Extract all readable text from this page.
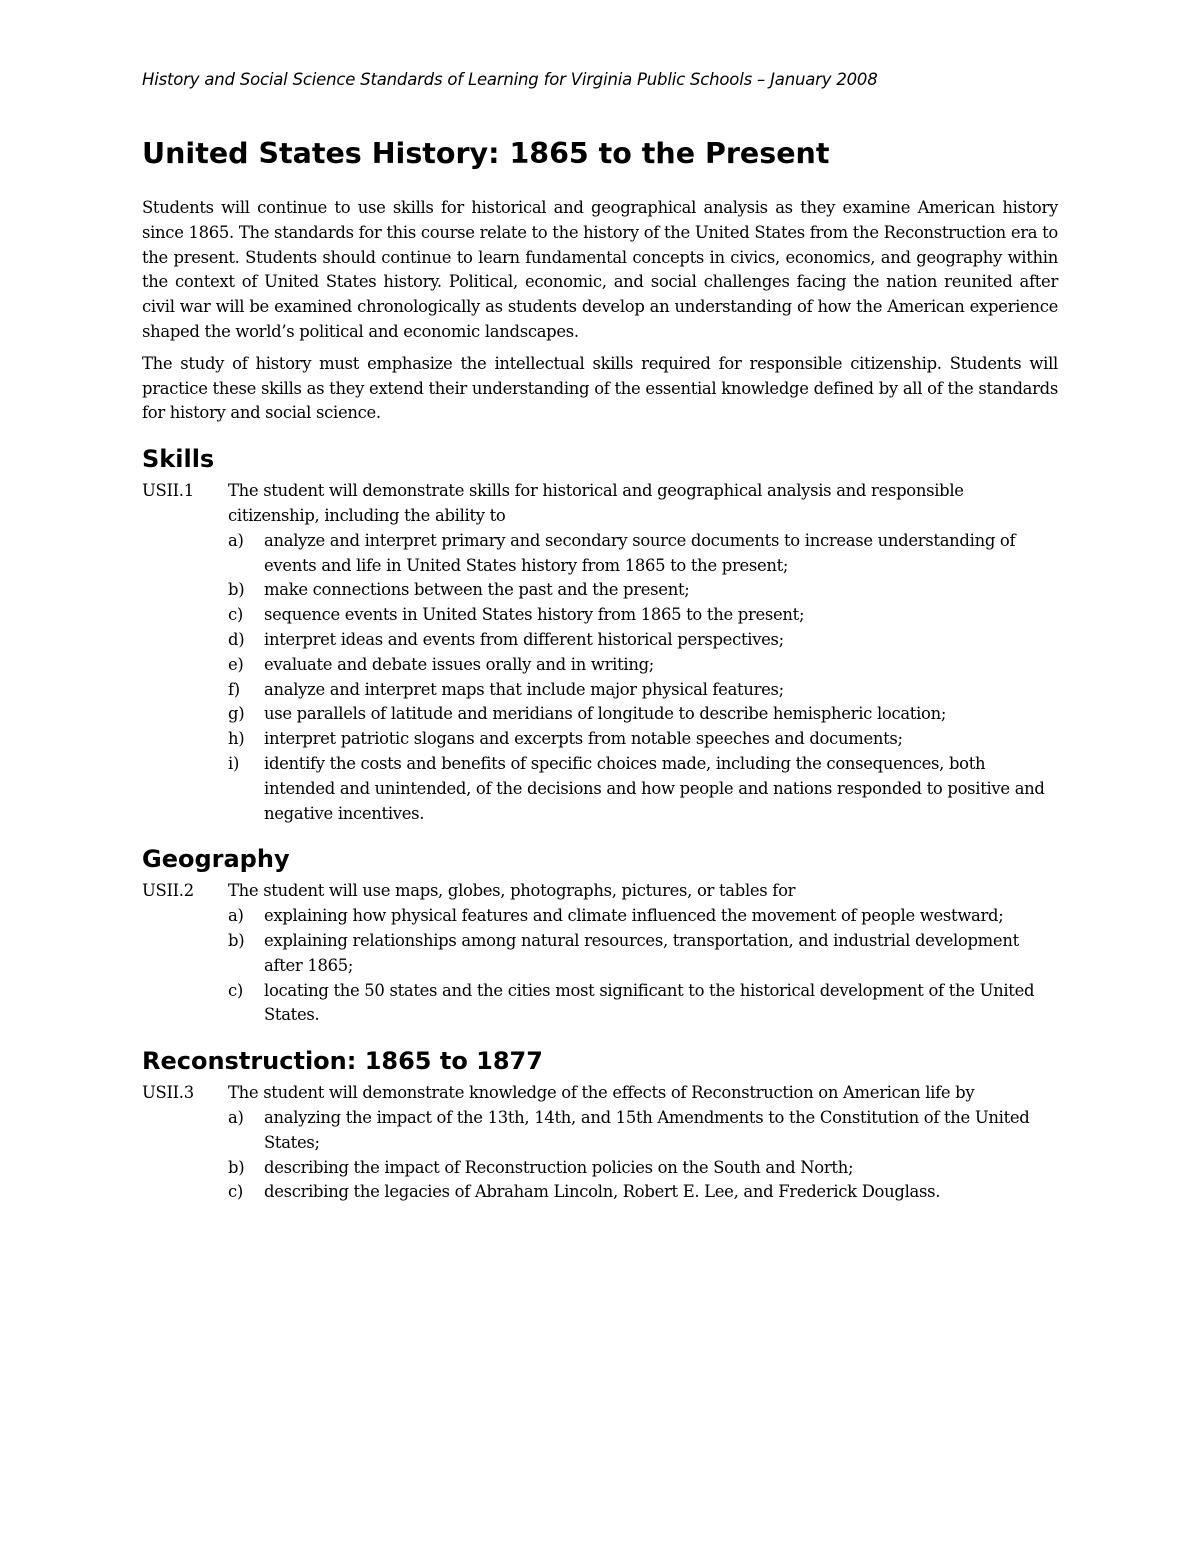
History and Social Science Standards of Learning for Virginia Public Schools – January 2008

United States History: 1865 to the Present

Students will continue to use skills for historical and geographical analysis as they examine American history since 1865. The standards for this course relate to the history of the United States from the Reconstruction era to the present. Students should continue to learn fundamental concepts in civics, economics, and geography within the context of United States history. Political, economic, and social challenges facing the nation reunited after civil war will be examined chronologically as students develop an understanding of how the American experience shaped the world’s political and economic landscapes.

The study of history must emphasize the intellectual skills required for responsible citizenship. Students will practice these skills as they extend their understanding of the essential knowledge defined by all of the standards for history and social science.

Skills
USII.1	The student will demonstrate skills for historical and geographical analysis and responsible citizenship, including the ability to

a)	analyze and interpret primary and secondary source documents to increase understanding of events and life in United States history from 1865 to the present;
b)	make connections between the past and the present;
c)	sequence events in United States history from 1865 to the present;
d)	interpret ideas and events from different historical perspectives;
e)	evaluate and debate issues orally and in writing;
f)	analyze and interpret maps that include major physical features;
g)	use parallels of latitude and meridians of longitude to describe hemispheric location;
h)	interpret patriotic slogans and excerpts from notable speeches and documents;
i)	identify the costs and benefits of specific choices made, including the consequences, both intended and unintended, of the decisions and how people and nations responded to positive and negative incentives.
Geography
USII.2	The student will use maps, globes, photographs, pictures, or tables for

a)	explaining how physical features and climate influenced the movement of people westward;
b)	explaining relationships among natural resources, transportation, and industrial development after 1865;
c)	locating the 50 states and the cities most significant to the historical development of the United States.
Reconstruction: 1865 to 1877
USII.3	The student will demonstrate knowledge of the effects of Reconstruction on American life by

a)	analyzing the impact of the 13th, 14th, and 15th Amendments to the Constitution of the United States;
b)	describing the impact of Reconstruction policies on the South and North;
c)	describing the legacies of Abraham Lincoln, Robert E. Lee, and Frederick Douglass.
